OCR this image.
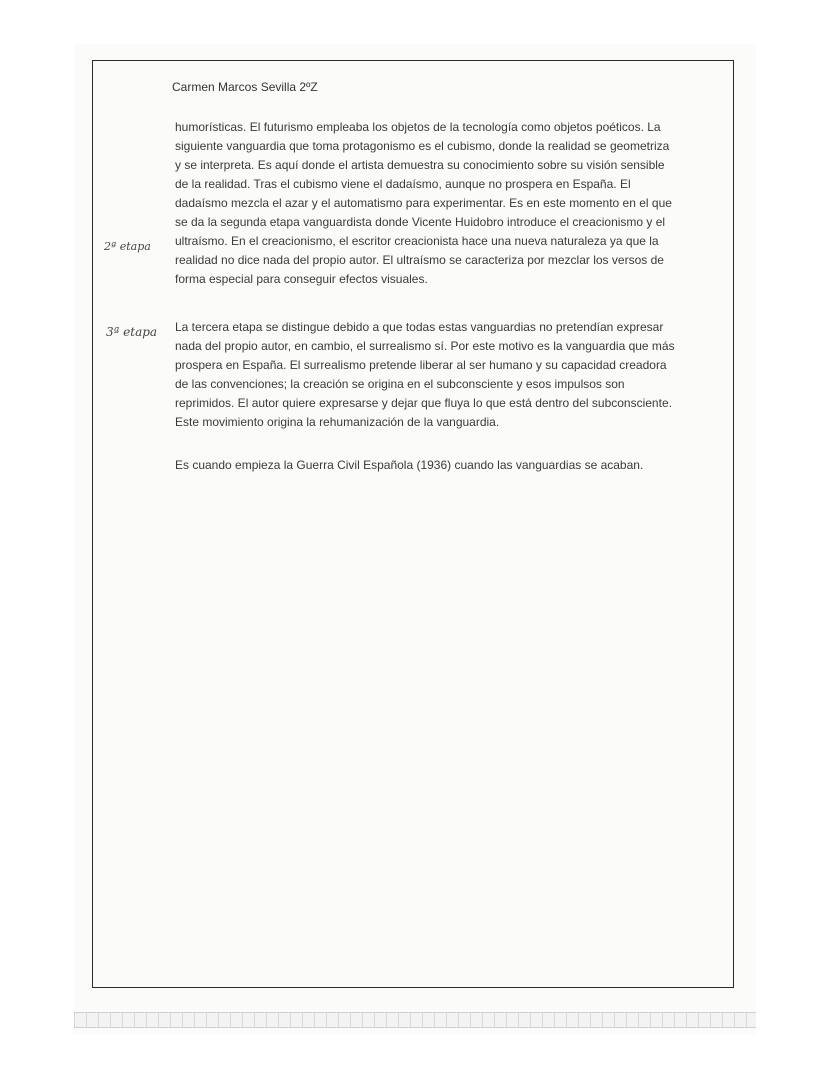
Carmen Marcos Sevilla 2ºZ
2ª etapa
3ª etapa

humorísticas. El futurismo empleaba los objetos de la tecnología como objetos poéticos. La siguiente vanguardia que toma protagonismo es el cubismo, donde la realidad se geometriza y se interpreta. Es aquí donde el artista demuestra su conocimiento sobre su visión sensible de la realidad. Tras el cubismo viene el dadaísmo, aunque no prospera en España. El dadaísmo mezcla el azar y el automatismo para experimentar. Es en este momento en el que se da la segunda etapa vanguardista donde Vicente Huidobro introduce el creacionismo y el ultraísmo. En el creacionismo, el escritor creacionista hace una nueva naturaleza ya que la realidad no dice nada del propio autor. El ultraísmo se caracteriza por mezclar los versos de forma especial para conseguir efectos visuales.

La tercera etapa se distingue debido a que todas estas vanguardias no pretendían expresar nada del propio autor, en cambio, el surrealismo sí. Por este motivo es la vanguardia que más prospera en España. El surrealismo pretende liberar al ser humano y su capacidad creadora de las convenciones; la creación se origina en el subconsciente y esos impulsos son reprimidos. El autor quiere expresarse y dejar que fluya lo que está dentro del subconsciente. Este movimiento origina la rehumanización de la vanguardia.

Es cuando empieza la Guerra Civil Española (1936) cuando las vanguardias se acaban.
